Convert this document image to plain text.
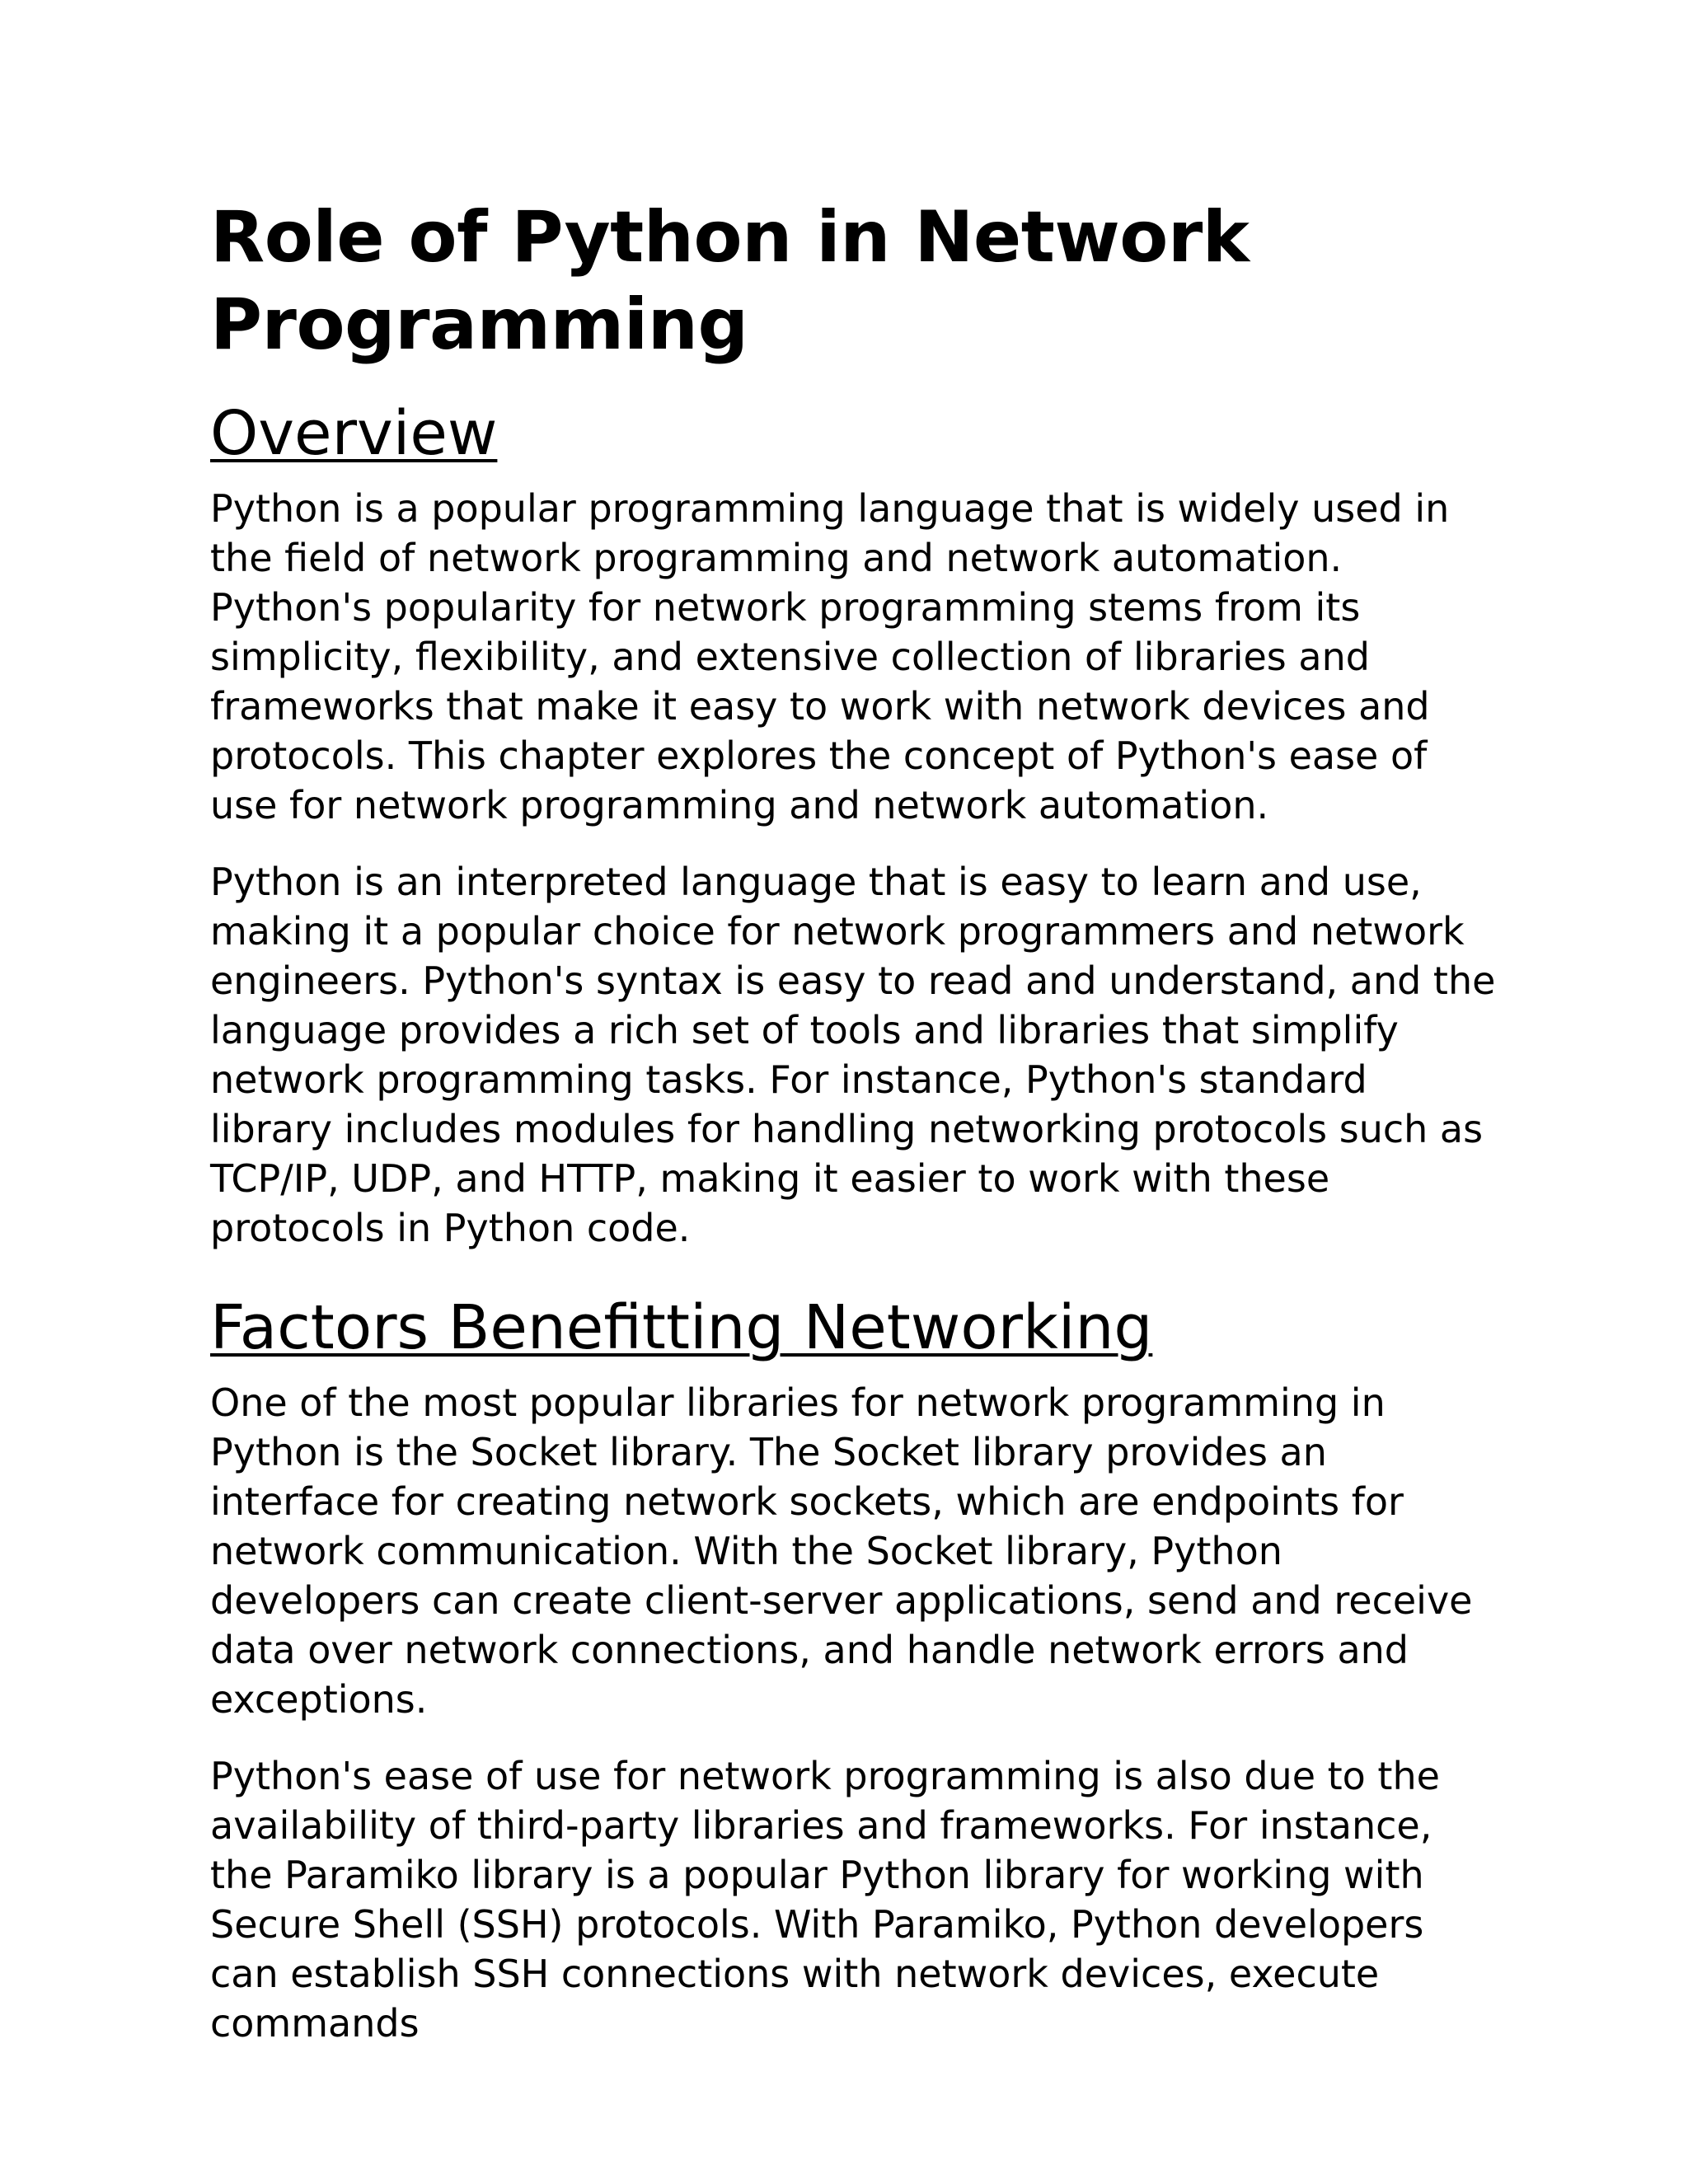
Role of Python in Network Programming
Overview

Python is a popular programming language that is widely used in the field of network programming and network automation. Python's popularity for network programming stems from its simplicity, flexibility, and extensive collection of libraries and frameworks that make it easy to work with network devices and protocols. This chapter explores the concept of Python's ease of use for network programming and network automation.

Python is an interpreted language that is easy to learn and use, making it a popular choice for network programmers and network engineers. Python's syntax is easy to read and understand, and the language provides a rich set of tools and libraries that simplify network programming tasks. For instance, Python's standard library includes modules for handling networking protocols such as TCP/IP, UDP, and HTTP, making it easier to work with these protocols in Python code.

Factors Benefitting Networking

One of the most popular libraries for network programming in Python is the Socket library. The Socket library provides an interface for creating network sockets, which are endpoints for network communication. With the Socket library, Python developers can create client-server applications, send and receive data over network connections, and handle network errors and exceptions.

Python's ease of use for network programming is also due to the availability of third-party libraries and frameworks. For instance, the Paramiko library is a popular Python library for working with Secure Shell (SSH) protocols. With Paramiko, Python developers can establish SSH connections with network devices, execute commands
